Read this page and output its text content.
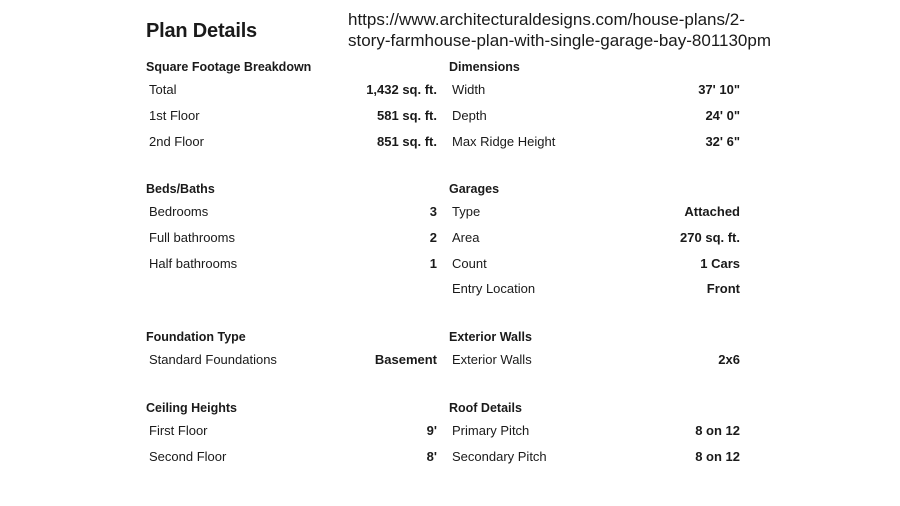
Plan Details
https://www.architecturaldesigns.com/house-plans/2-
story-farmhouse-plan-with-single-garage-bay-801130pm
Square Footage Breakdown
Total	1,432 sq. ft.
1st Floor	581 sq. ft.
2nd Floor	851 sq. ft.
Dimensions
Width	37' 10"
Depth	24' 0"
Max Ridge Height	32' 6"
Beds/Baths
Bedrooms	3
Full bathrooms	2
Half bathrooms	1
Garages
Type	Attached
Area	270 sq. ft.
Count	1 Cars
Entry Location	Front
Foundation Type
Standard Foundations	Basement
Exterior Walls
Exterior Walls	2x6
Ceiling Heights
First Floor	9'
Second Floor	8'
Roof Details
Primary Pitch	8 on 12
Secondary Pitch	8 on 12
